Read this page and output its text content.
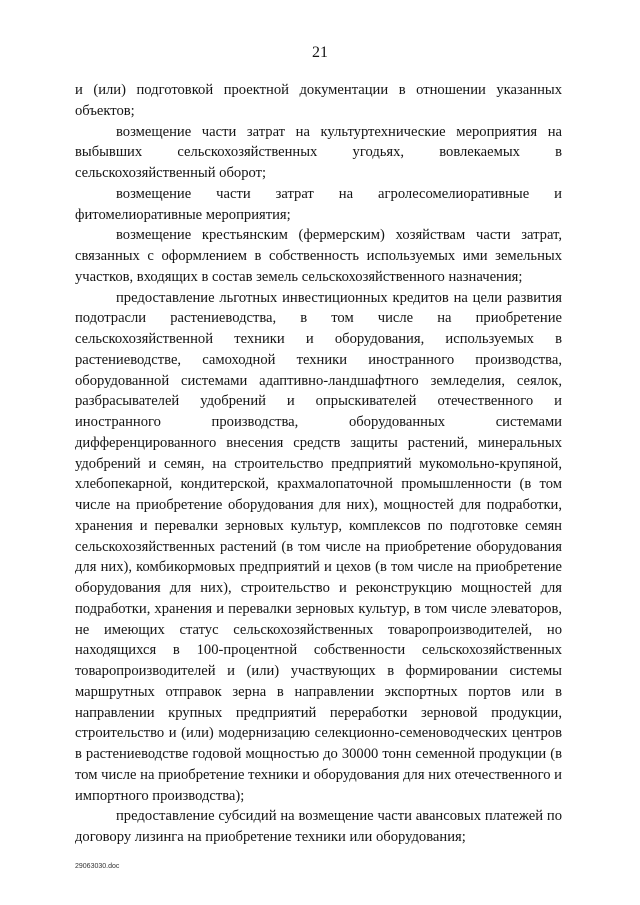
21

и (или) подготовкой проектной документации в отношении указанных объектов;

возмещение части затрат на культуртехнические мероприятия на выбывших сельскохозяйственных угодьях, вовлекаемых в сельскохозяйственный оборот;

возмещение части затрат на агролесомелиоративные и фитомелиоративные мероприятия;

возмещение крестьянским (фермерским) хозяйствам части затрат, связанных с оформлением в собственность используемых ими земельных участков, входящих в состав земель сельскохозяйственного назначения;

предоставление льготных инвестиционных кредитов на цели развития подотрасли растениеводства, в том числе на приобретение сельскохозяйственной техники и оборудования, используемых в растениеводстве, самоходной техники иностранного производства, оборудованной системами адаптивно-ландшафтного земледелия, сеялок, разбрасывателей удобрений и опрыскивателей отечественного и иностранного производства, оборудованных системами дифференцированного внесения средств защиты растений, минеральных удобрений и семян, на строительство предприятий мукомольно-крупяной, хлебопекарной, кондитерской, крахмалопаточной промышленности (в том числе на приобретение оборудования для них), мощностей для подработки, хранения и перевалки зерновых культур, комплексов по подготовке семян сельскохозяйственных растений (в том числе на приобретение оборудования для них), комбикормовых предприятий и цехов (в том числе на приобретение оборудования для них), строительство и реконструкцию мощностей для подработки, хранения и перевалки зерновых культур, в том числе элеваторов, не имеющих статус сельскохозяйственных товаропроизводителей, но находящихся в 100-процентной собственности сельскохозяйственных товаропроизводителей и (или) участвующих в формировании системы маршрутных отправок зерна в направлении экспортных портов или в направлении крупных предприятий переработки зерновой продукции, строительство и (или) модернизацию селекционно-семеноводческих центров в растениеводстве годовой мощностью до 30000 тонн семенной продукции (в том числе на приобретение техники и оборудования для них отечественного и импортного производства);

предоставление субсидий на возмещение части авансовых платежей по договору лизинга на приобретение техники или оборудования;

29063030.doc
